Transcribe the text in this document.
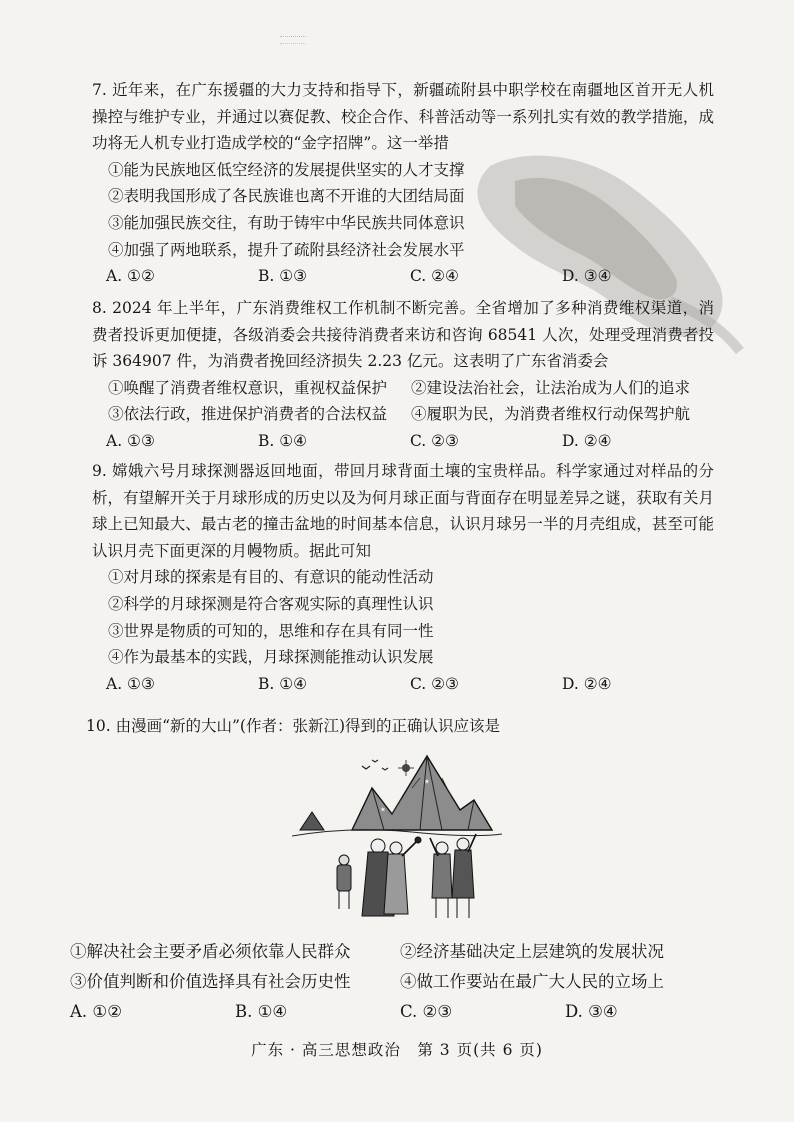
7. 近年来，在广东援疆的大力支持和指导下，新疆疏附县中职学校在南疆地区首开无人机操控与维护专业，并通过以赛促教、校企合作、科普活动等一系列扎实有效的教学措施，成功将无人机专业打造成学校的“金字招牌”。这一举措

①能为民族地区低空经济的发展提供坚实的人才支撑

②表明我国形成了各民族谁也离不开谁的大团结局面

③能加强民族交往，有助于铸牢中华民族共同体意识

④加强了两地联系，提升了疏附县经济社会发展水平

A. ①②	B. ①③	C. ②④	D. ③④

8. 2024 年上半年，广东消费维权工作机制不断完善。全省增加了多种消费维权渠道，消费者投诉更加便捷，各级消委会共接待消费者来访和咨询 68541 人次，处理受理消费者投诉 364907 件，为消费者挽回经济损失 2.23 亿元。这表明了广东省消委会

①唤醒了消费者维权意识，重视权益保护	②建设法治社会，让法治成为人们的追求
③依法行政，推进保护消费者的合法权益	④履职为民，为消费者维权行动保驾护航
A. ①③	B. ①④	C. ②③	D. ②④

9. 嫦娥六号月球探测器返回地面，带回月球背面土壤的宝贵样品。科学家通过对样品的分析，有望解开关于月球形成的历史以及为何月球正面与背面存在明显差异之谜，获取有关月球上已知最大、最古老的撞击盆地的时间基本信息，认识月球另一半的月壳组成，甚至可能认识月壳下面更深的月幔物质。据此可知

①对月球的探索是有目的、有意识的能动性活动

②科学的月球探测是符合客观实际的真理性认识

③世界是物质的可知的，思维和存在具有同一性

④作为最基本的实践，月球探测能推动认识发展

A. ①③	B. ①④	C. ②③	D. ②④

10. 由漫画“新的大山”(作者：张新江)得到的正确认识应该是

✶
✶
①解决社会主要矛盾必须依靠人民群众	②经济基础决定上层建筑的发展状况
③价值判断和价值选择具有社会历史性	④做工作要站在最广大人民的立场上
A. ①②	B. ①④	C. ②③	D. ③④
广东 · 高三思想政治　第 3 页(共 6 页)
